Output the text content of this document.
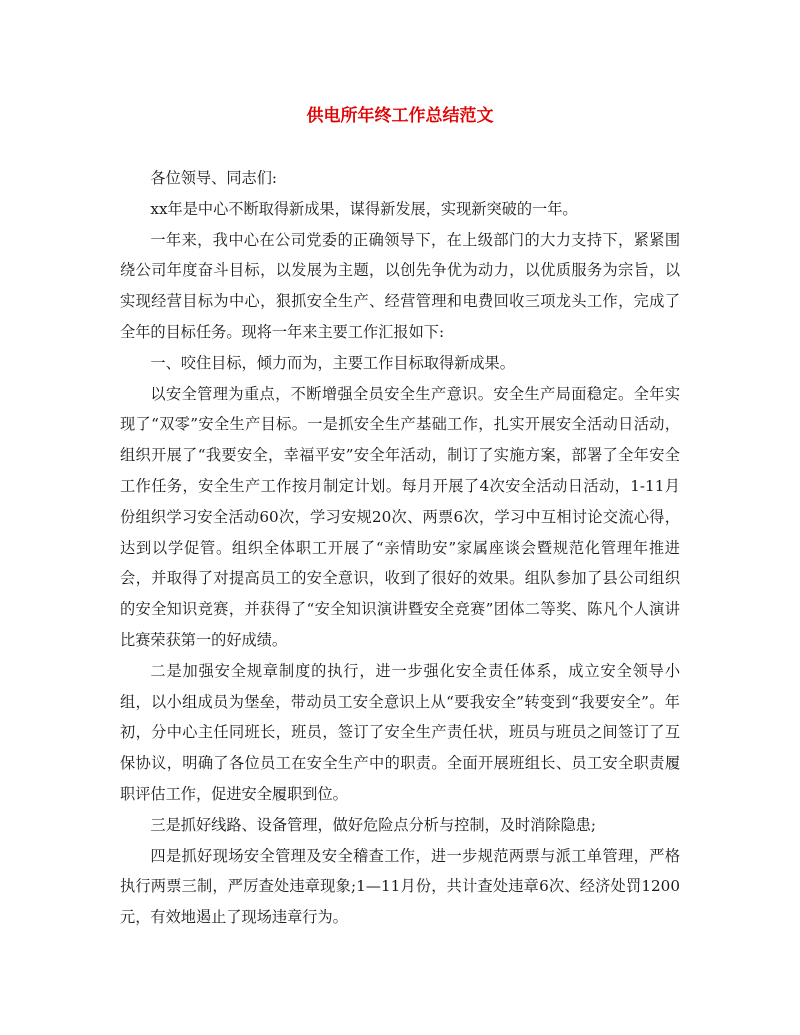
供电所年终工作总结范文

各位领导、同志们:

xx年是中心不断取得新成果，谋得新发展，实现新突破的一年。

一年来，我中心在公司党委的正确领导下，在上级部门的大力支持下，紧紧围绕公司年度奋斗目标，以发展为主题，以创先争优为动力，以优质服务为宗旨，以实现经营目标为中心，狠抓安全生产、经营管理和电费回收三项龙头工作，完成了全年的目标任务。现将一年来主要工作汇报如下:

一、咬住目标，倾力而为，主要工作目标取得新成果。

以安全管理为重点，不断增强全员安全生产意识。安全生产局面稳定。全年实现了“双零”安全生产目标。一是抓安全生产基础工作，扎实开展安全活动日活动，组织开展了“我要安全，幸福平安”安全年活动，制订了实施方案，部署了全年安全工作任务，安全生产工作按月制定计划。每月开展了4次安全活动日活动，1-11月份组织学习安全活动60次，学习安规20次、两票6次，学习中互相讨论交流心得，达到以学促管。组织全体职工开展了“亲情助安”家属座谈会暨规范化管理年推进会，并取得了对提高员工的安全意识，收到了很好的效果。组队参加了县公司组织的安全知识竞赛，并获得了“安全知识演讲暨安全竞赛”团体二等奖、陈凡个人演讲比赛荣获第一的好成绩。

二是加强安全规章制度的执行，进一步强化安全责任体系，成立安全领导小组，以小组成员为堡垒，带动员工安全意识上从“要我安全”转变到“我要安全”。年初，分中心主任同班长，班员，签订了安全生产责任状，班员与班员之间签订了互保协议，明确了各位员工在安全生产中的职责。全面开展班组长、员工安全职责履职评估工作，促进安全履职到位。

三是抓好线路、设备管理，做好危险点分析与控制，及时消除隐患;

四是抓好现场安全管理及安全稽查工作，进一步规范两票与派工单管理，严格执行两票三制，严厉查处违章现象;1—11月份，共计查处违章6次、经济处罚1200元，有效地遏止了现场违章行为。
